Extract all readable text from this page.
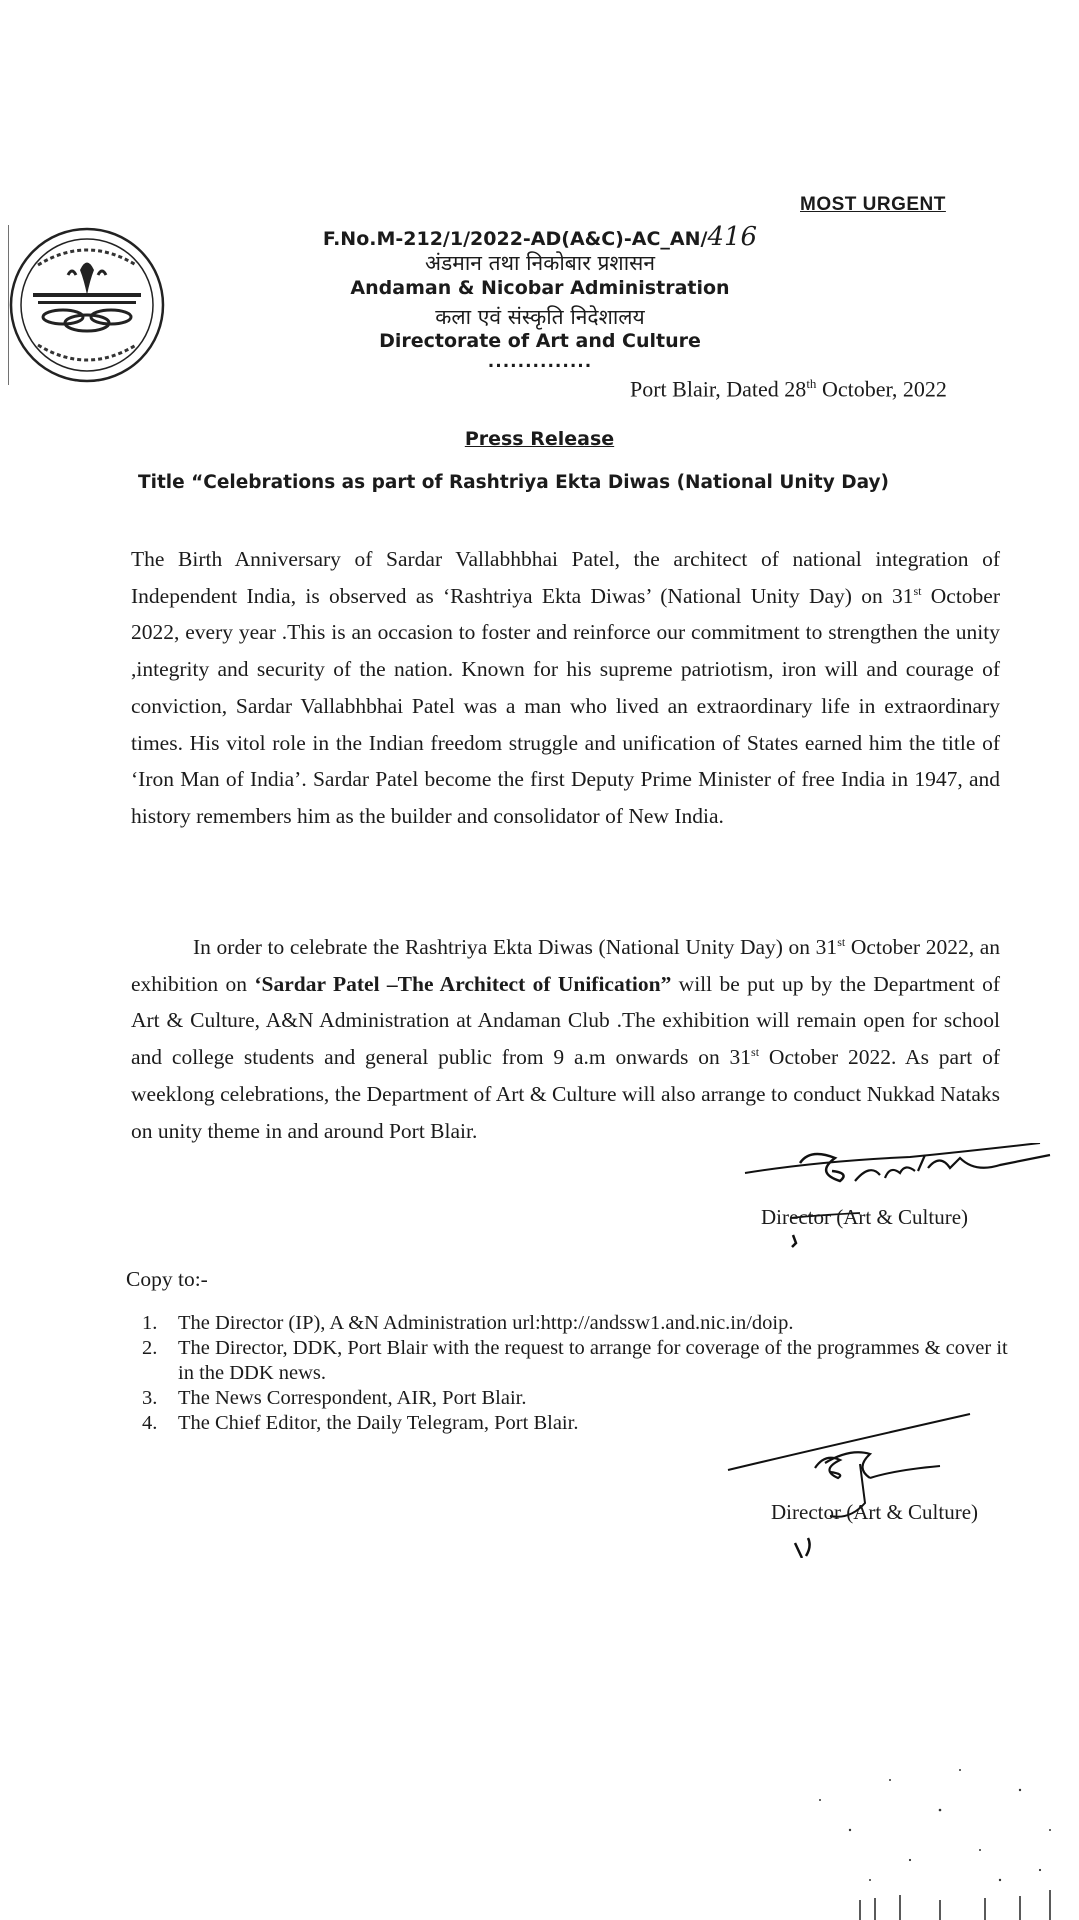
MOST URGENT
F.No.M-212/1/2022-AD(A&C)-AC_AN/416
अंडमान तथा निकोबार प्रशासन
Andaman & Nicobar Administration
कला एवं संस्कृति निदेशालय
Directorate of Art and Culture
..............
Port Blair, Dated 28th October, 2022
Press Release
Title “Celebrations as part of Rashtriya Ekta Diwas (National Unity Day)
The Birth Anniversary of Sardar Vallabhbhai Patel, the architect of national integration of Independent India, is observed as ‘Rashtriya Ekta Diwas’ (National Unity Day) on 31st October 2022, every year .This is an occasion to foster and reinforce our commitment to strengthen the unity ,integrity and security of the nation. Known for his supreme patriotism, iron will and courage of conviction, Sardar Vallabhbhai Patel was a man who lived an extraordinary life in extraordinary times. His vitol role in the Indian freedom struggle and unification of States earned him the title of ‘Iron Man of India’. Sardar Patel become the first Deputy Prime Minister of free India in 1947, and history remembers him as the builder and consolidator of New India.
In order to celebrate the Rashtriya Ekta Diwas (National Unity Day) on 31st October 2022, an exhibition on ‘Sardar Patel –The Architect of Unification” will be put up by the Department of Art & Culture, A&N Administration at Andaman Club .The exhibition will remain open for school and college students and general public from 9 a.m onwards on 31st October 2022. As part of weeklong celebrations, the Department of Art & Culture will also arrange to conduct Nukkad Nataks on unity theme in and around Port Blair.
Director (Art & Culture)
Copy to:-
1. The Director (IP), A &N Administration url:http://andssw1.and.nic.in/doip.
2. The Director, DDK, Port Blair with the request to arrange for coverage of the programmes & cover it in the DDK news.
3. The News Correspondent, AIR, Port Blair.
4. The Chief Editor, the Daily Telegram, Port Blair.
Director (Art & Culture)
